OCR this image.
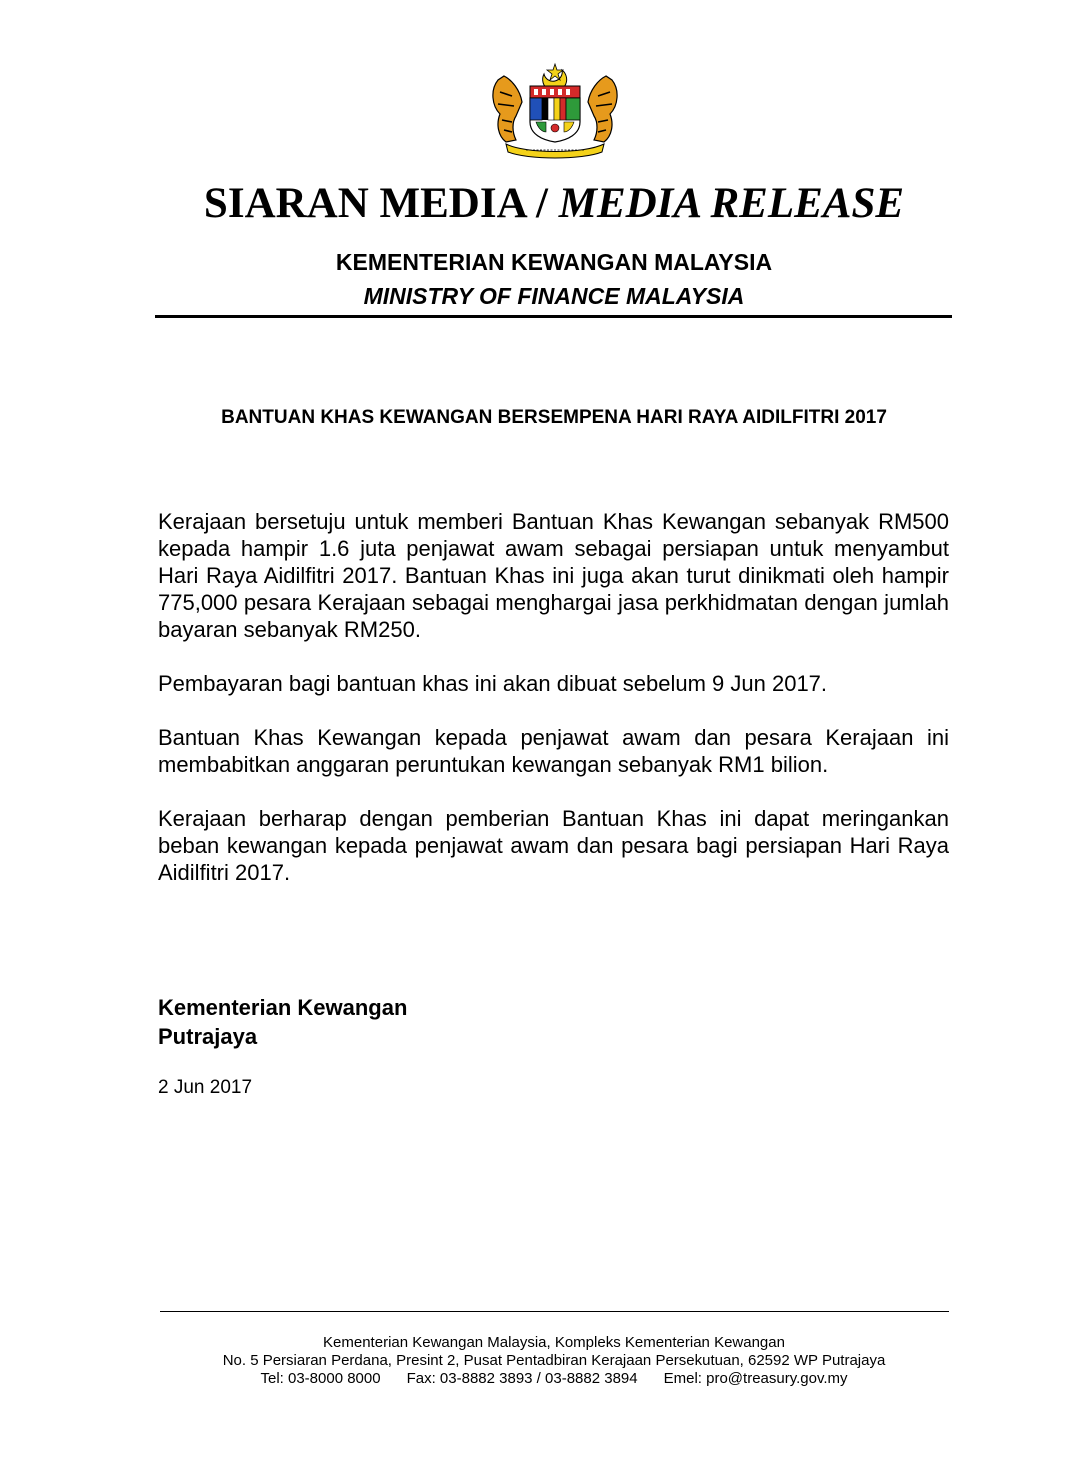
SIARAN MEDIA / MEDIA RELEASE
KEMENTERIAN KEWANGAN MALAYSIA
MINISTRY OF FINANCE MALAYSIA
BANTUAN KHAS KEWANGAN BERSEMPENA HARI RAYA AIDILFITRI 2017

Kerajaan bersetuju untuk memberi Bantuan Khas Kewangan sebanyak RM500 kepada hampir 1.6 juta penjawat awam sebagai persiapan untuk menyambut Hari Raya Aidilfitri 2017. Bantuan Khas ini juga akan turut dinikmati oleh hampir 775,000 pesara Kerajaan sebagai menghargai jasa perkhidmatan dengan jumlah bayaran sebanyak RM250.

Pembayaran bagi bantuan khas ini akan dibuat sebelum 9 Jun 2017.

Bantuan Khas Kewangan kepada penjawat awam dan pesara Kerajaan ini membabitkan anggaran peruntukan kewangan sebanyak RM1 bilion.

Kerajaan berharap dengan pemberian Bantuan Khas ini dapat meringankan beban kewangan kepada penjawat awam dan pesara bagi persiapan Hari Raya Aidilfitri 2017.

Kementerian Kewangan
Putrajaya
2 Jun 2017
Kementerian Kewangan Malaysia, Kompleks Kementerian Kewangan
No. 5 Persiaran Perdana, Presint 2, Pusat Pentadbiran Kerajaan Persekutuan, 62592 WP Putrajaya
Tel: 03-8000 8000 Fax: 03-8882 3893 / 03-8882 3894 Emel: pro@treasury.gov.my
